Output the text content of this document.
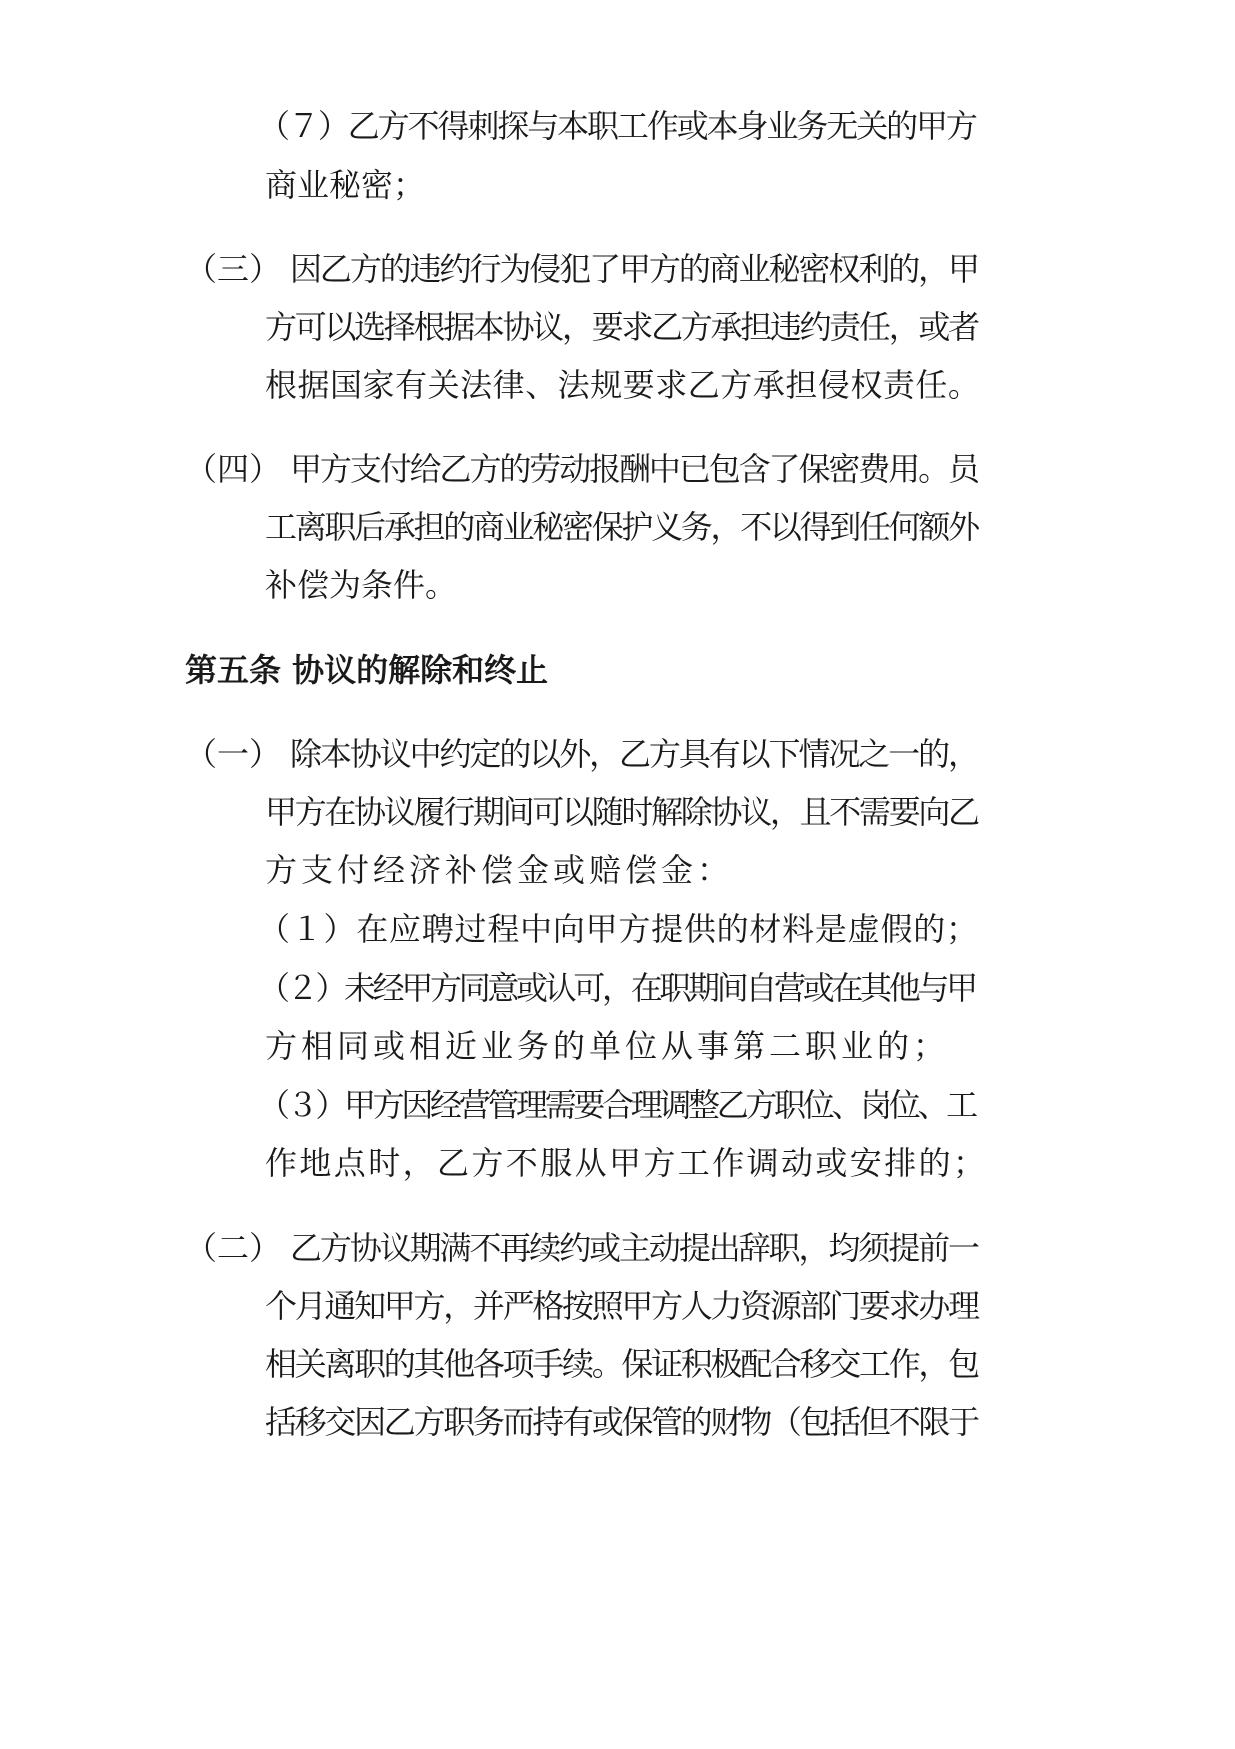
（７）乙方不得刺探与本职工作或本身业务无关的甲方
商业秘密；
（三） 因乙方的违约行为侵犯了甲方的商业秘密权利的，甲
方可以选择根据本协议，要求乙方承担违约责任，或者
根据国家有关法律、法规要求乙方承担侵权责任。
（四） 甲方支付给乙方的劳动报酬中已包含了保密费用。员
工离职后承担的商业秘密保护义务，不以得到任何额外
补偿为条件。
第五条 协议的解除和终止
（一） 除本协议中约定的以外，乙方具有以下情况之一的，
甲方在协议履行期间可以随时解除协议，且不需要向乙
方支付经济补偿金或赔偿金：
（１）在应聘过程中向甲方提供的材料是虚假的；
（２）未经甲方同意或认可，在职期间自营或在其他与甲
方相同或相近业务的单位从事第二职业的；
（３）甲方因经营管理需要合理调整乙方职位、岗位、工
作地点时，乙方不服从甲方工作调动或安排的；
（二） 乙方协议期满不再续约或主动提出辞职，均须提前一
个月通知甲方，并严格按照甲方人力资源部门要求办理
相关离职的其他各项手续。保证积极配合移交工作，包
括移交因乙方职务而持有或保管的财物（包括但不限于
